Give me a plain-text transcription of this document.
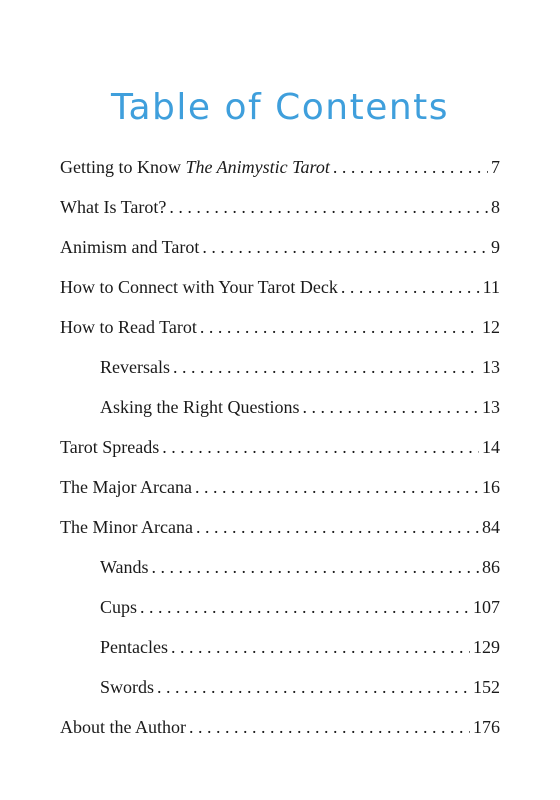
Table of Contents
Getting to Know The Animystic Tarot . . .	7
What Is Tarot? . . .	8
Animism and Tarot . . .	9
How to Connect with Your Tarot Deck . . .	11
How to Read Tarot . . .	12
Reversals . . .	13
Asking the Right Questions . . .	13
Tarot Spreads . . .	14
The Major Arcana . . .	16
The Minor Arcana . . .	84
Wands . . .	86
Cups . . .	107
Pentacles . . .	129
Swords . . .	152
About the Author . . .	176
